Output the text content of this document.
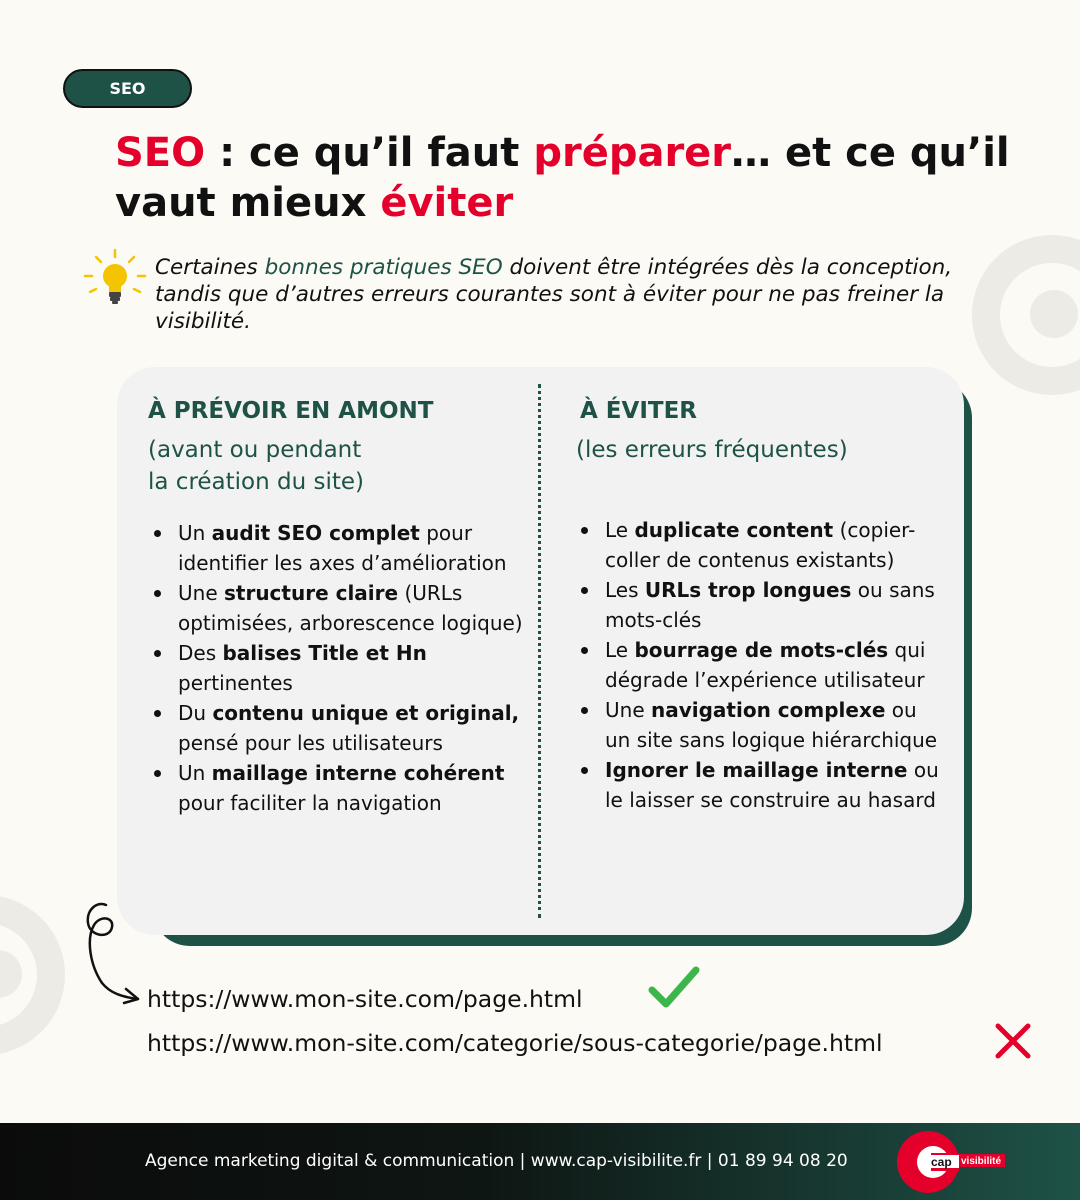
SEO
SEO : ce qu’il faut préparer… et ce qu’il vaut mieux éviter

Certaines bonnes pratiques SEO doivent être intégrées dès la conception, tandis que d’autres erreurs courantes sont à éviter pour ne pas freiner la visibilité.

À PRÉVOIR EN AMONT
(avant ou pendant
la création du site)
Un audit SEO complet pour identifier les axes d’amélioration
Une structure claire (URLs optimisées, arborescence logique)
Des balises Title et Hn pertinentes
Du contenu unique et original, pensé pour les utilisateurs
Un maillage interne cohérent pour faciliter la navigation
À ÉVITER
(les erreurs fréquentes)
Le duplicate content (copier-coller de contenus existants)
Les URLs trop longues ou sans mots-clés
Le bourrage de mots-clés qui dégrade l’expérience utilisateur
Une navigation complexe ou un site sans logique hiérarchique
Ignorer le maillage interne ou le laisser se construire au hasard
https://www.mon-site.com/page.html
https://www.mon-site.com/categorie/sous-categorie/page.html
Agence marketing digital & communication | www.cap-visibilite.fr | 01 89 94 08 20	cap visibilité
